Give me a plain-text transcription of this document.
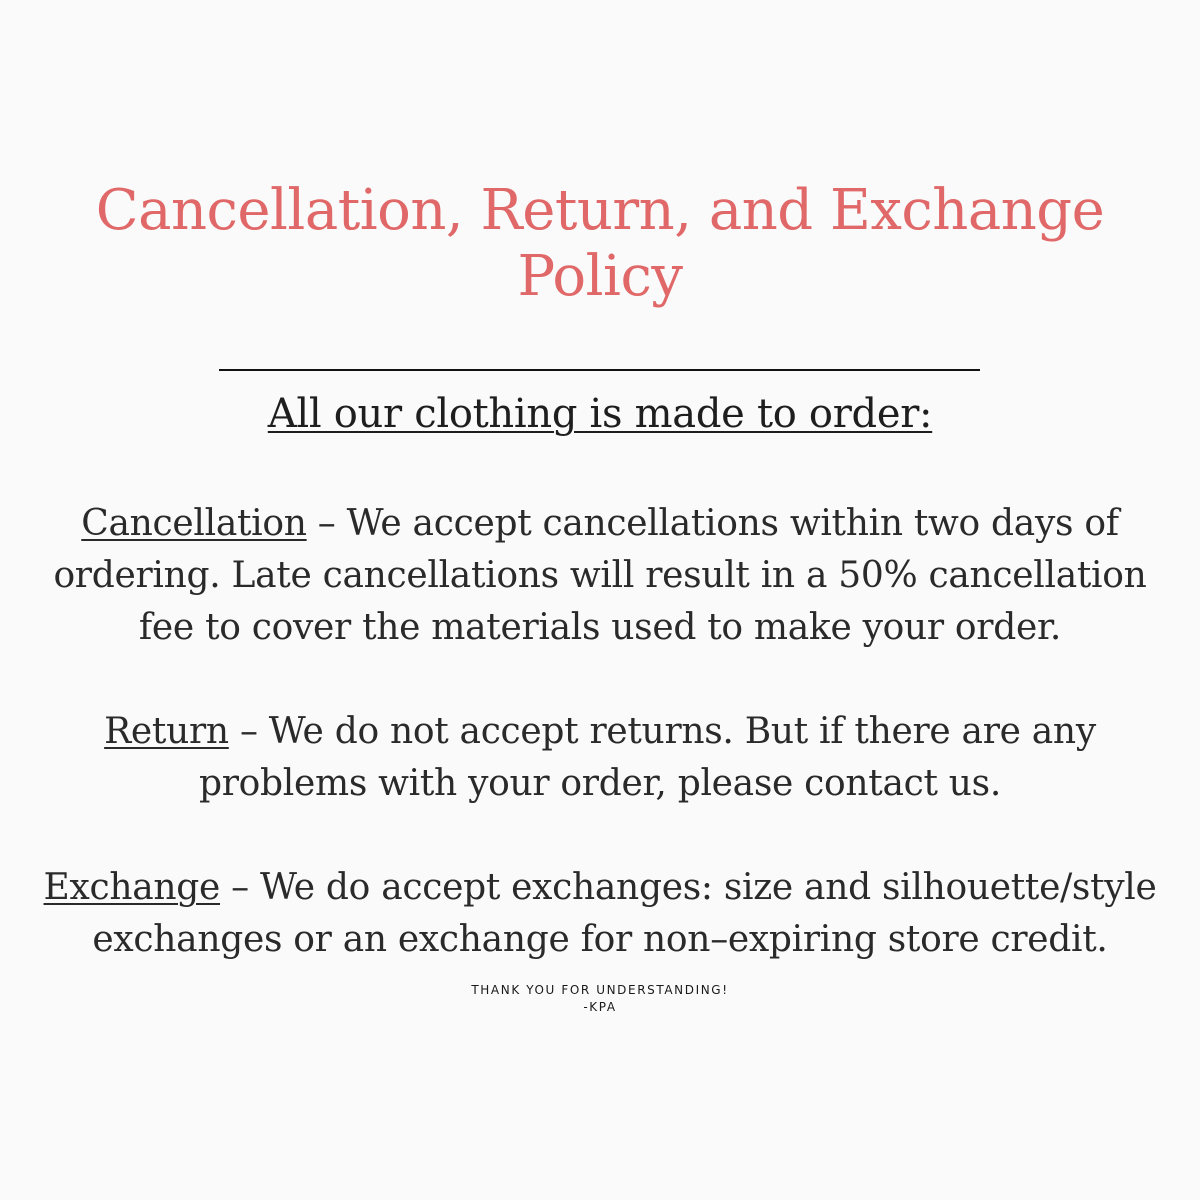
Cancellation, Return, and Exchange
Policy

All our clothing is made to order:

Cancellation – We accept cancellations within two days of ordering. Late cancellations will result in a 50% cancellation fee to cover the materials used to make your order.

Return – We do not accept returns. But if there are any problems with your order, please contact us.

Exchange – We do accept exchanges: size and silhouette/style exchanges or an exchange for non–expiring store credit.

THANK YOU FOR UNDERSTANDING!
-KPA
